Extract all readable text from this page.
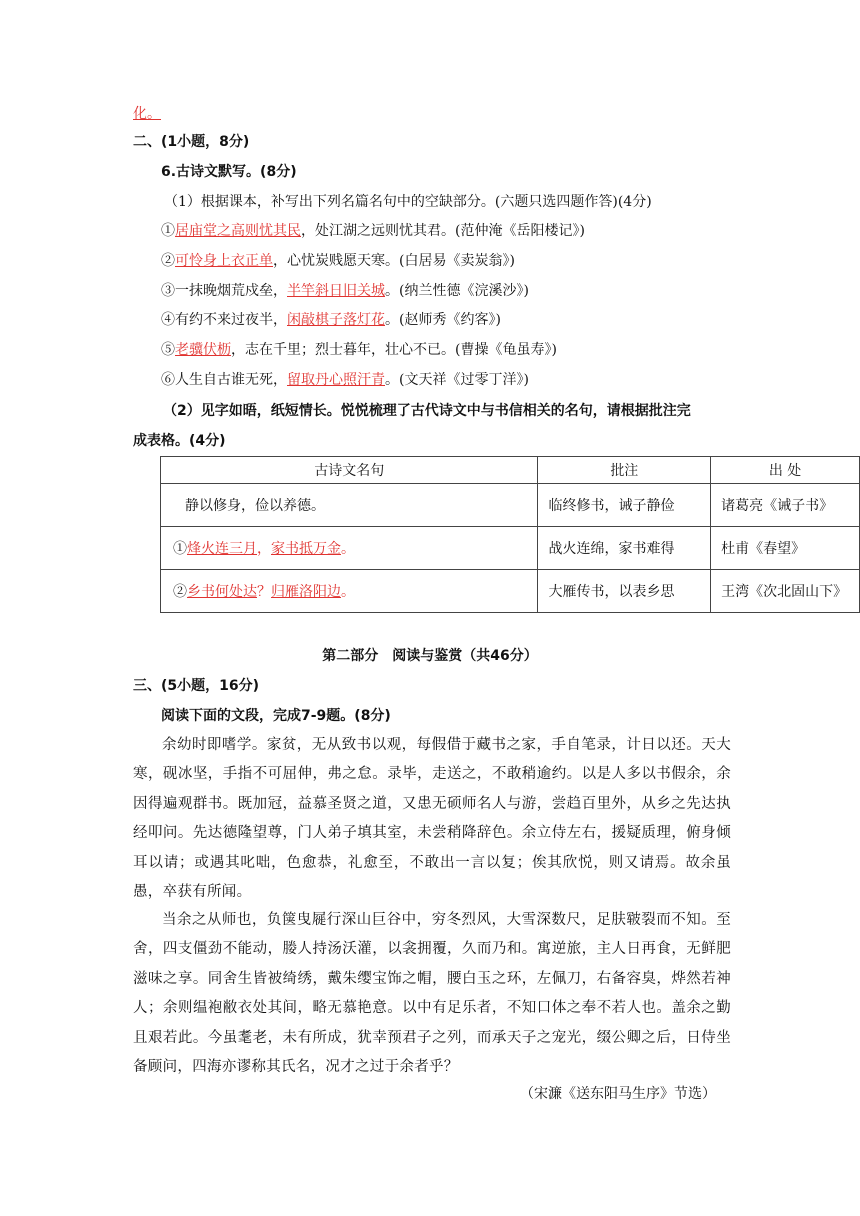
化。
二、(1小题，8分)
6.古诗文默写。(8分)
（1）根据课本，补写出下列名篇名句中的空缺部分。(六题只选四题作答)(4分)
①居庙堂之高则忧其民，处江湖之远则忧其君。(范仲淹《岳阳楼记》)
②可怜身上衣正单，心忧炭贱愿天寒。(白居易《卖炭翁》)
③一抹晚烟荒戍垒，半竿斜日旧关城。(纳兰性德《浣溪沙》)
④有约不来过夜半，闲敲棋子落灯花。(赵师秀《约客》)
⑤老骥伏枥，志在千里；烈士暮年，壮心不已。(曹操《龟虽寿》)
⑥人生自古谁无死，留取丹心照汗青。(文天祥《过零丁洋》)
（2）见字如晤，纸短情长。悦悦梳理了古代诗文中与书信相关的名句，请根据批注完
成表格。(4分)
古诗文名句	批注	出 处
静以修身，俭以养德。	临终修书，诫子静俭	诸葛亮《诫子书》
①烽火连三月，家书抵万金。	战火连绵，家书难得	杜甫《春望》
②乡书何处达？归雁洛阳边。	大雁传书，以表乡思	王湾《次北固山下》
第二部分　阅读与鉴赏（共46分）
三、(5小题，16分)
阅读下面的文段，完成7-9题。(8分)
余幼时即嗜学。家贫，无从致书以观，每假借于藏书之家，手自笔录，计日以还。天大寒，砚冰坚，手指不可屈伸，弗之怠。录毕，走送之，不敢稍逾约。以是人多以书假余，余因得遍观群书。既加冠，益慕圣贤之道，又患无硕师名人与游，尝趋百里外，从乡之先达执经叩问。先达德隆望尊，门人弟子填其室，未尝稍降辞色。余立侍左右，援疑质理，俯身倾耳以请；或遇其叱咄，色愈恭，礼愈至，不敢出一言以复；俟其欣悦，则又请焉。故余虽愚，卒获有所闻。
当余之从师也，负箧曳屣行深山巨谷中，穷冬烈风，大雪深数尺，足肤皲裂而不知。至舍，四支僵劲不能动，媵人持汤沃灌，以衾拥覆，久而乃和。寓逆旅，主人日再食，无鲜肥滋味之享。同舍生皆被绮绣，戴朱缨宝饰之帽，腰白玉之环，左佩刀，右备容臭，烨然若神人；余则缊袍敝衣处其间，略无慕艳意。以中有足乐者，不知口体之奉不若人也。盖余之勤且艰若此。今虽耄老，未有所成，犹幸预君子之列，而承天子之宠光，缀公卿之后，日侍坐备顾问，四海亦谬称其氏名，况才之过于余者乎？
（宋濂《送东阳马生序》节选）
